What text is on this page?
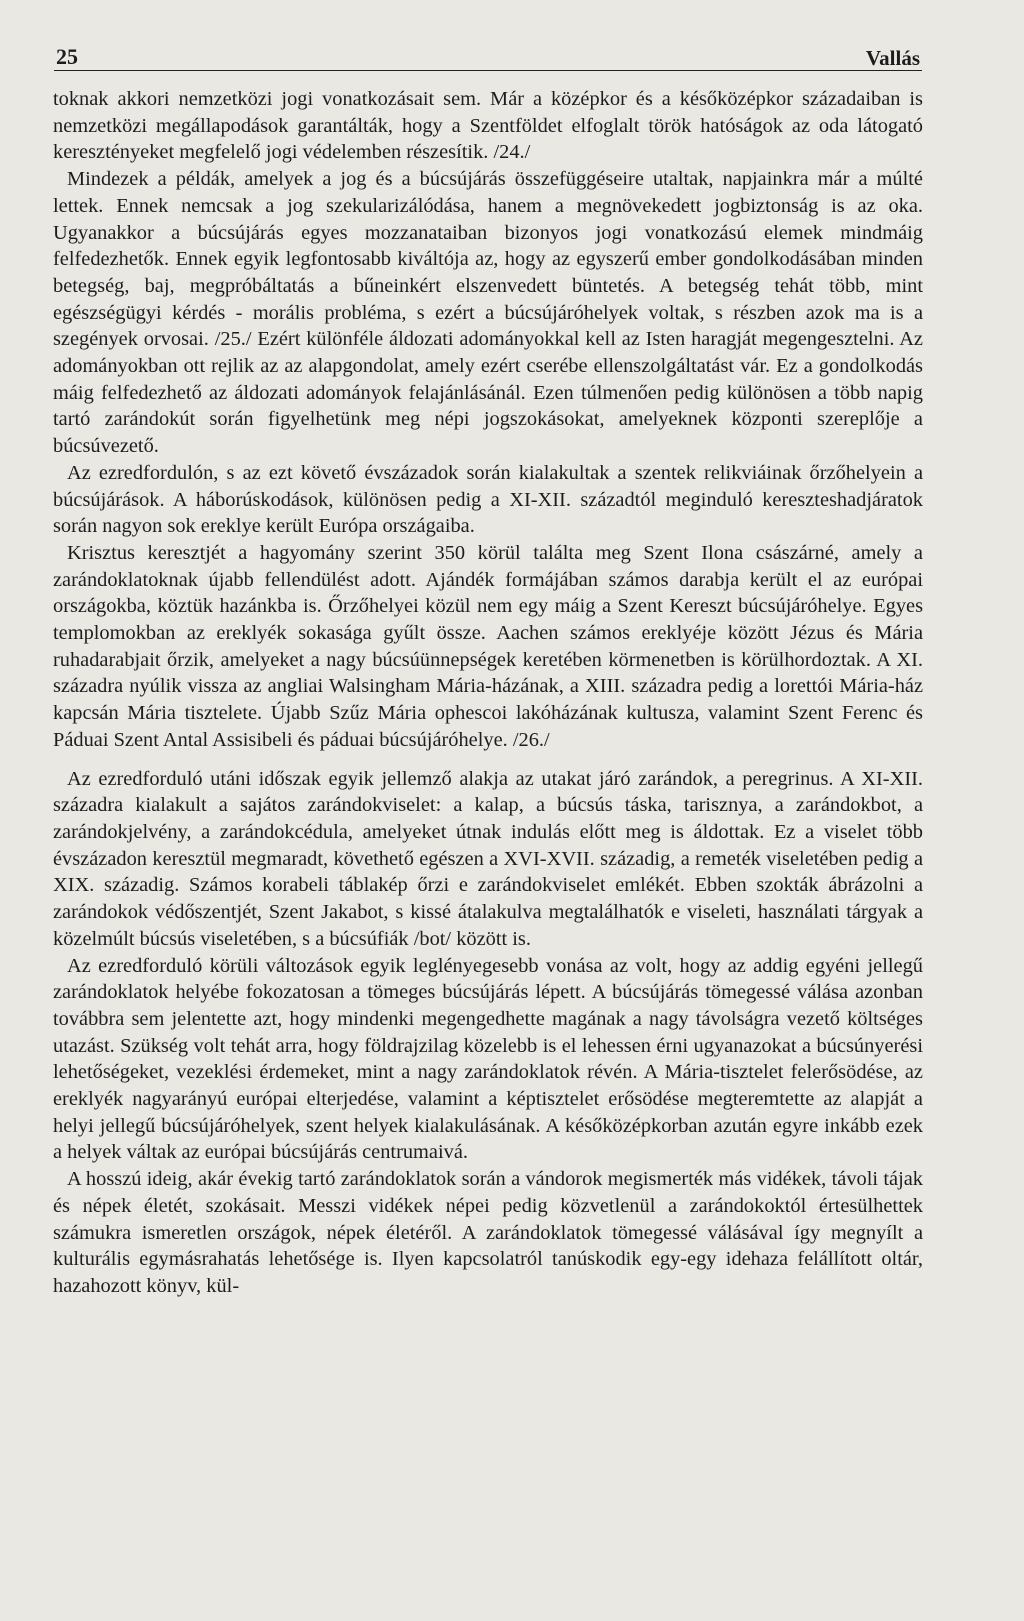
25	Vallás

toknak akkori nemzetközi jogi vonatkozásait sem. Már a középkor és a későközépkor századaiban is nemzetközi megállapodások garantálták, hogy a Szentföldet elfoglalt török hatóságok az oda látogató keresztényeket megfelelő jogi védelemben részesítik. /24./

Mindezek a példák, amelyek a jog és a búcsújárás összefüggéseire utaltak, napjainkra már a múlté lettek. Ennek nemcsak a jog szekularizálódása, hanem a megnövekedett jogbiztonság is az oka. Ugyanakkor a búcsújárás egyes mozzanataiban bizonyos jogi vonatkozású elemek mindmáig felfedezhetők. Ennek egyik legfontosabb kiváltója az, hogy az egyszerű ember gondolkodásában minden betegség, baj, megpróbáltatás a bűneinkért elszenvedett büntetés. A betegség tehát több, mint egészségügyi kérdés - morális probléma, s ezért a búcsújáróhelyek voltak, s részben azok ma is a szegények orvosai. /25./ Ezért különféle áldozati adományokkal kell az Isten haragját megengesztelni. Az adományokban ott rejlik az az alapgondolat, amely ezért cserébe ellenszolgáltatást vár. Ez a gondolkodás máig felfedezhető az áldozati adományok felajánlásánál. Ezen túlmenően pedig különösen a több napig tartó zarándokút során figyelhetünk meg népi jogszokásokat, amelyeknek központi szereplője a búcsúvezető.

Az ezredfordulón, s az ezt követő évszázadok során kialakultak a szentek relikviáinak őrzőhelyein a búcsújárások. A háborúskodások, különösen pedig a XI-XII. századtól meginduló kereszteshadjáratok során nagyon sok ereklye került Európa országaiba.

Krisztus keresztjét a hagyomány szerint 350 körül találta meg Szent Ilona császárné, amely a zarándoklatoknak újabb fellendülést adott. Ajándék formájában számos darabja került el az európai országokba, köztük hazánkba is. Őrzőhelyei közül nem egy máig a Szent Kereszt búcsújáróhelye. Egyes templomokban az ereklyék sokasága gyűlt össze. Aachen számos ereklyéje között Jézus és Mária ruhadarabjait őrzik, amelyeket a nagy búcsúünnepségek keretében körmenetben is körülhordoztak. A XI. századra nyúlik vissza az angliai Walsingham Mária-házának, a XIII. századra pedig a lorettói Mária-ház kapcsán Mária tisztelete. Újabb Szűz Mária ophescoi lakóházának kultusza, valamint Szent Ferenc és Páduai Szent Antal Assisibeli és páduai búcsújáróhelye. /26./

Az ezredforduló utáni időszak egyik jellemző alakja az utakat járó zarándok, a peregrinus. A XI-XII. századra kialakult a sajátos zarándokviselet: a kalap, a búcsús táska, tarisznya, a zarándokbot, a zarándokjelvény, a zarándokcédula, amelyeket útnak indulás előtt meg is áldottak. Ez a viselet több évszázadon keresztül megmaradt, követhető egészen a XVI-XVII. századig, a remeték viseletében pedig a XIX. századig. Számos korabeli táblakép őrzi e zarándokviselet emlékét. Ebben szokták ábrázolni a zarándokok védőszentjét, Szent Jakabot, s kissé átalakulva megtalálhatók e viseleti, használati tárgyak a közelmúlt búcsús viseletében, s a búcsúfiák /bot/ között is.

Az ezredforduló körüli változások egyik leglényegesebb vonása az volt, hogy az addig egyéni jellegű zarándoklatok helyébe fokozatosan a tömeges búcsújárás lépett. A búcsújárás tömegessé válása azonban továbbra sem jelentette azt, hogy mindenki megengedhette magának a nagy távolságra vezető költséges utazást. Szükség volt tehát arra, hogy földrajzilag közelebb is el lehessen érni ugyanazokat a búcsúnyerési lehetőségeket, vezeklési érdemeket, mint a nagy zarándoklatok révén. A Mária-tisztelet felerősödése, az ereklyék nagyarányú európai elterjedése, valamint a képtisztelet erősödése megteremtette az alapját a helyi jellegű búcsújáróhelyek, szent helyek kialakulásának. A későközépkorban azután egyre inkább ezek a helyek váltak az európai búcsújárás centrumaivá.

A hosszú ideig, akár évekig tartó zarándoklatok során a vándorok megismerték más vidékek, távoli tájak és népek életét, szokásait. Messzi vidékek népei pedig közvetlenül a zarándokoktól értesülhettek számukra ismeretlen országok, népek életéről. A zarándoklatok tömegessé válásával így megnyílt a kulturális egymásrahatás lehetősége is. Ilyen kapcsolatról tanúskodik egy-egy idehaza felállított oltár, hazahozott könyv, kül-
